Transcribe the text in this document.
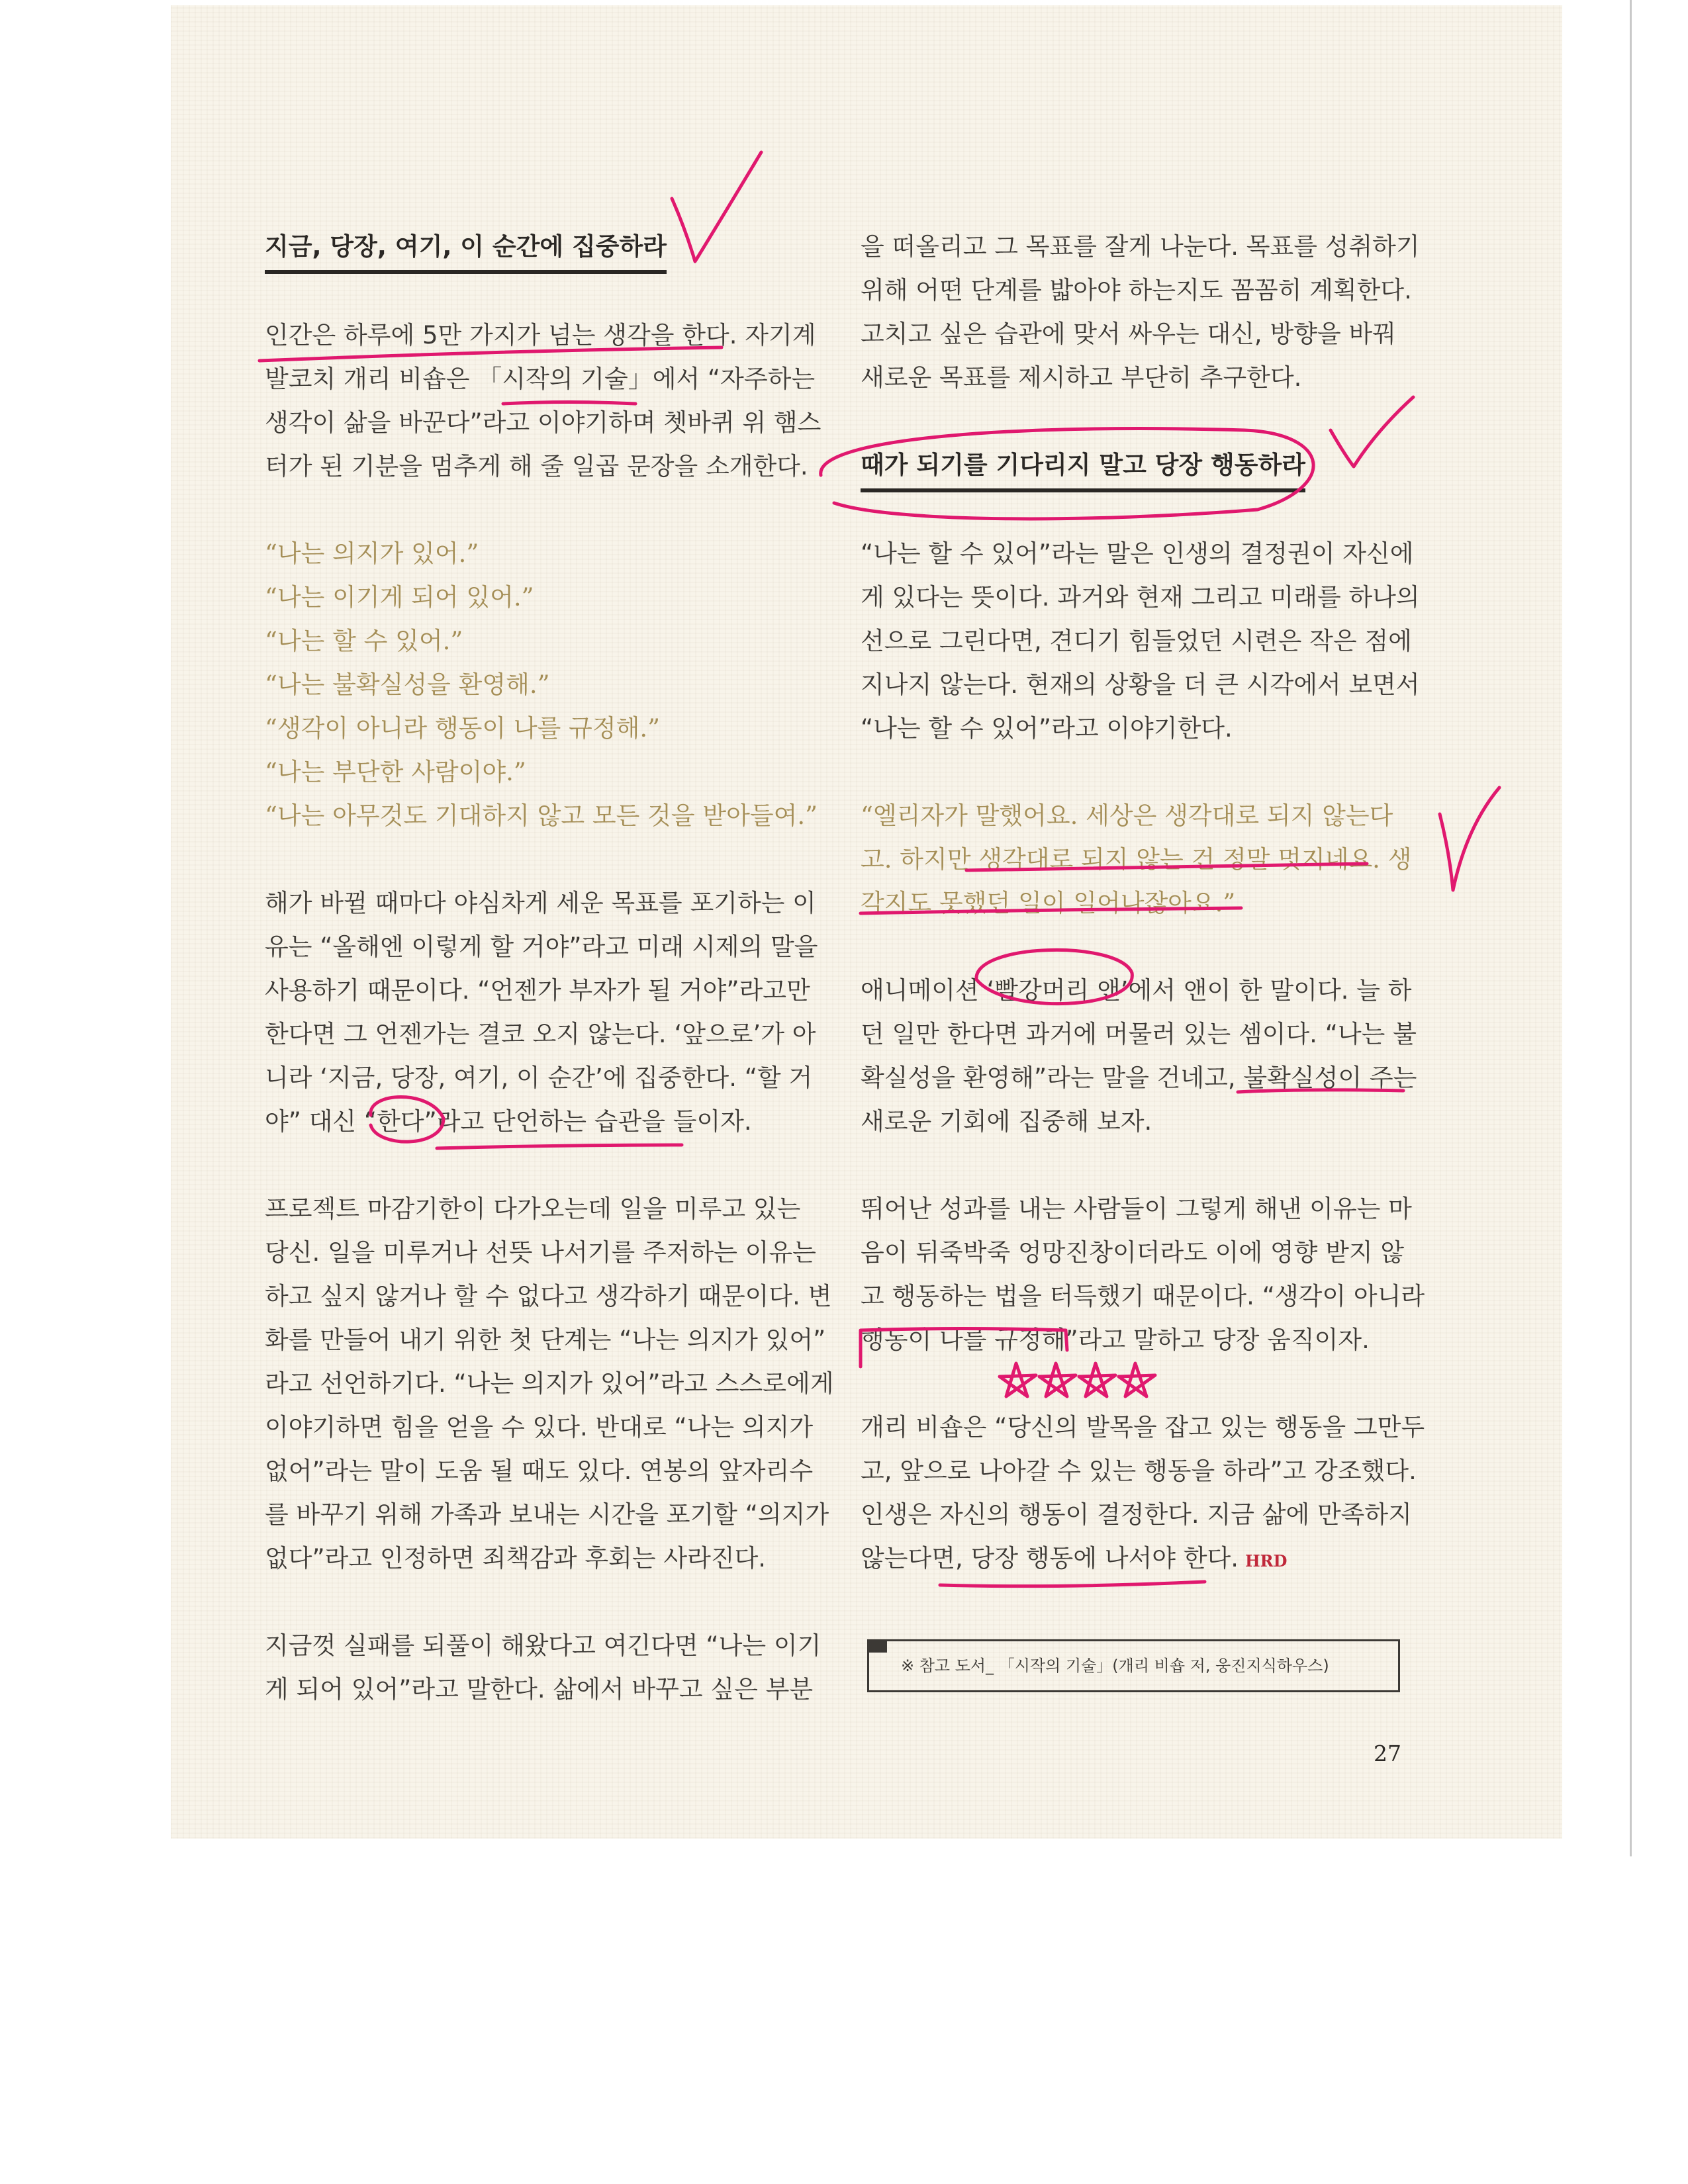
지금, 당장, 여기, 이 순간에 집중하라

인간은 하루에 5만 가지가 넘는 생각을 한다. 자기계

발코치 개리 비숍은 「시작의 기술」에서 “자주하는

생각이 삶을 바꾼다”라고 이야기하며 쳇바퀴 위 햄스

터가 된 기분을 멈추게 해 줄 일곱 문장을 소개한다.

“나는 의지가 있어.”

“나는 이기게 되어 있어.”

“나는 할 수 있어.”

“나는 불확실성을 환영해.”

“생각이 아니라 행동이 나를 규정해.”

“나는 부단한 사람이야.”

“나는 아무것도 기대하지 않고 모든 것을 받아들여.”

해가 바뀔 때마다 야심차게 세운 목표를 포기하는 이

유는 “올해엔 이렇게 할 거야”라고 미래 시제의 말을

사용하기 때문이다. “언젠가 부자가 될 거야”라고만

한다면 그 언젠가는 결코 오지 않는다. ‘앞으로’가 아

니라 ‘지금, 당장, 여기, 이 순간’에 집중한다. “할 거

야” 대신 “한다”라고 단언하는 습관을 들이자.

프로젝트 마감기한이 다가오는데 일을 미루고 있는

당신. 일을 미루거나 선뜻 나서기를 주저하는 이유는

하고 싶지 않거나 할 수 없다고 생각하기 때문이다. 변

화를 만들어 내기 위한 첫 단계는 “나는 의지가 있어”

라고 선언하기다. “나는 의지가 있어”라고 스스로에게

이야기하면 힘을 얻을 수 있다. 반대로 “나는 의지가

없어”라는 말이 도움 될 때도 있다. 연봉의 앞자리수

를 바꾸기 위해 가족과 보내는 시간을 포기할 “의지가

없다”라고 인정하면 죄책감과 후회는 사라진다.

지금껏 실패를 되풀이 해왔다고 여긴다면 “나는 이기

게 되어 있어”라고 말한다. 삶에서 바꾸고 싶은 부분

을 떠올리고 그 목표를 잘게 나눈다. 목표를 성취하기

위해 어떤 단계를 밟아야 하는지도 꼼꼼히 계획한다.

고치고 싶은 습관에 맞서 싸우는 대신, 방향을 바꿔

새로운 목표를 제시하고 부단히 추구한다.

때가 되기를 기다리지 말고 당장 행동하라

“나는 할 수 있어”라는 말은 인생의 결정권이 자신에

게 있다는 뜻이다. 과거와 현재 그리고 미래를 하나의

선으로 그린다면, 견디기 힘들었던 시련은 작은 점에

지나지 않는다. 현재의 상황을 더 큰 시각에서 보면서

“나는 할 수 있어”라고 이야기한다.

“엘리자가 말했어요. 세상은 생각대로 되지 않는다

고. 하지만 생각대로 되지 않는 건 정말 멋지네요. 생

각지도 못했던 일이 일어나잖아요.”

애니메이션 ‘빨강머리 앤’에서 앤이 한 말이다. 늘 하

던 일만 한다면 과거에 머물러 있는 셈이다. “나는 불

확실성을 환영해”라는 말을 건네고, 불확실성이 주는

새로운 기회에 집중해 보자.

뛰어난 성과를 내는 사람들이 그렇게 해낸 이유는 마

음이 뒤죽박죽 엉망진창이더라도 이에 영향 받지 않

고 행동하는 법을 터득했기 때문이다. “생각이 아니라

행동이 나를 규정해”라고 말하고 당장 움직이자.

개리 비숍은 “당신의 발목을 잡고 있는 행동을 그만두

고, 앞으로 나아갈 수 있는 행동을 하라”고 강조했다.

인생은 자신의 행동이 결정한다. 지금 삶에 만족하지

않는다면, 당장 행동에 나서야 한다. HRD

※ 참고 도서_ 「시작의 기술」(개리 비숍 저, 웅진지식하우스)
27
